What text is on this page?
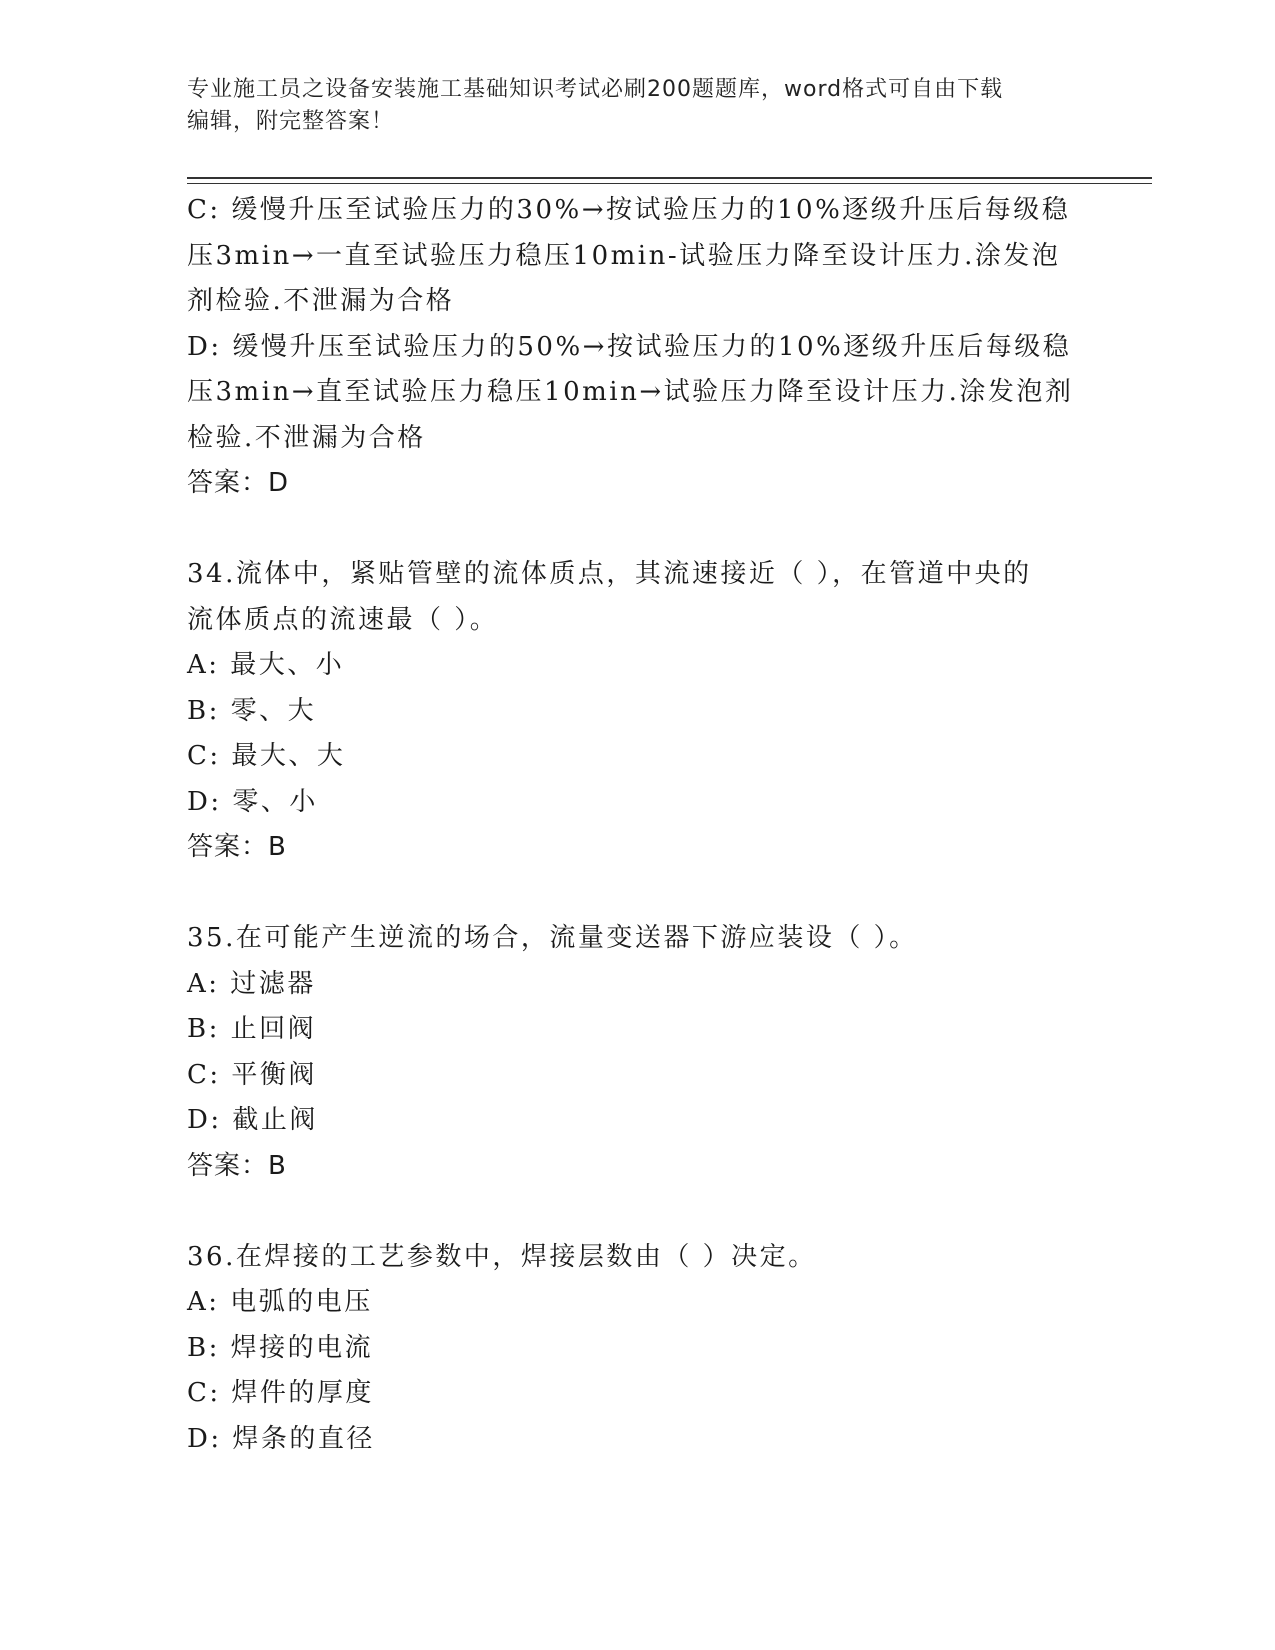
专业施工员之设备安装施工基础知识考试必刷200题题库，word格式可自由下载
编辑，附完整答案！
C: 缓慢升压至试验压力的30%→按试验压力的10%逐级升压后每级稳
压3min→一直至试验压力稳压10min-试验压力降至设计压力.涂发泡
剂检验.不泄漏为合格
D: 缓慢升压至试验压力的50%→按试验压力的10%逐级升压后每级稳
压3min→直至试验压力稳压10min→试验压力降至设计压力.涂发泡剂
检验.不泄漏为合格
答案：D
34.流体中，紧贴管壁的流体质点，其流速接近（ ），在管道中央的
流体质点的流速最（ ）。
A: 最大、小
B: 零、大
C: 最大、大
D: 零、小
答案：B
35.在可能产生逆流的场合，流量变送器下游应装设（ ）。
A: 过滤器
B: 止回阀
C: 平衡阀
D: 截止阀
答案：B
36.在焊接的工艺参数中，焊接层数由（ ）决定。
A: 电弧的电压
B: 焊接的电流
C: 焊件的厚度
D: 焊条的直径
